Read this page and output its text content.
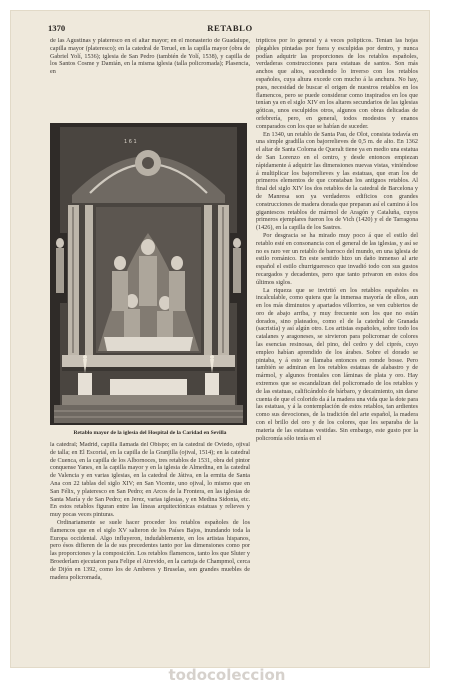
1370	RETABLO

de las Agustinas y plateresco en el altar mayor; en el monasterio de Guadalupe, capilla mayor (plateresco); en la catedral de Teruel, en la capilla mayor (obra de Gabriel Yolí, 1536); iglesia de San Pedro (también de Yolí, 1538), y capilla de los Santos Cosme y Damián, en la misma iglesia (talla policromada); Plasencia, en

la catedral; Madrid, capilla llamada del Obispo; en la catedral de Oviedo, ojival de talla; en El Escorial, en la capilla de la Granjilla (ojival, 1514); en la catedral de Cuenca, en la capilla de los Albornoces, tres retablos de 1531, obra del pintor conquense Yanes, en la capilla mayor y en la iglesia de Almedina, en la catedral de Valencia y en varias iglesias, en la catedral de Játiva, en la ermita de Santa Ana con 22 tablas del siglo XIV; en San Vicente, uno ojival, lo mismo que en San Félix, y plateresco en San Pedro; en Arcos de la Frontera, en las iglesias de Santa María y de San Pedro; en Jerez, varias iglesias, y en Medina Sidonia, etc. En estos retablos figuran entre las líneas arquitectónicas estatuas y relieves y muy pocas veces pinturas.

Ordinariamente se suele hacer proceder los retablos españoles de los flamencos que en el siglo XV salieron de los Países Bajos, inundando toda la Europa occidental. Algo influyeron, indudablemente, en los artistas hispanos, pero ésos difieren de la de sus precedentes tanto por las dimensiones como por las proporciones y la composición. Los retablos flamencos, tanto los que Sluter y Broederlam ejecutaron para Felipe el Atrevido, en la cartuja de Champmol, cerca de Dijón en 1392, como los de Amberes y Bruselas, son grandes muebles de madera policromada,

trípticos por lo general y á veces polípticos. Tenían las hojas plegables pintadas por fuera y esculpidas por dentro, y nunca podían adquirir las proporciones de los retablos españoles, verdaderas construcciones para estatuas de santos. Son más anchos que altos, sucediendo lo inverso con los retablos españoles, cuya altura excede con mucho á la anchura. No hay, pues, necesidad de buscar el origen de nuestros retablos en los flamencos, pero se puede considerar como inspirados en los que tenían ya en el siglo XIV en los altares secundarios de las iglesias góticas, unos esculpidos otros, algunos con obras delicadas de orfebrería, pero, en general, todos modestos y enanos comparados con los que se habían de suceder.

En 1340, un retablo de Santa Pau, de Olot, consista todavía en una simple gradilla con bajorrelieves de 0,5 m. de alto. En 1362 el altar de Santa Coloma de Queralt tiene ya en medio una estatua de San Lorenzo en el centro, y desde entonces empiezan rápidamente á adquirir las dimensiones nuevas vistas, viniéndose á multiplicar los bajorrelieves y las estatuas, que eran los de primeros elementos de que constaban los antiguos retablos. Al final del siglo XIV los dos retablos de la catedral de Barcelona y de Manresa son ya verdaderos edificios con grandes construcciones de madera dorada que preparan así el camino á los gigantescos retablos de mármol de Aragón y Cataluña, cuyos primeros ejemplares fueron los de Vich (1420) y el de Tarragona (1426), en la capilla de los Sastres.

Por desgracia se ha mirado muy poco á que el estilo del retablo esté en consonancia con el general de las iglesias, y así se no es raro ver un retablo de barroco del mundo, en una iglesia de estilo románico. En este sentido hizo un daño inmenso al arte español el estilo churrigueresco que invadió todo con sus gustos recargados y decadentes, pero que tanto privaron en estos dos últimos siglos.

La riqueza que se invirtió en los retablos españoles es incalculable, como quiera que la inmensa mayoría de ellos, aun en los más diminutos y apartados villorrios, se ven cubiertos de oro de abajo arriba, y muy frecuente son los que no están dorados, sino plateados, como el de la catedral de Granada (sacristía) y así algún otro. Los artistas españoles, sobre todo los catalanes y aragoneses, se sirvieron para policromar de colores las esencias resinosas, del pino, del cedro y del ciprés, cuyo empleo habían aprendido de los árabes. Sobre el dorado se pintaba, y á esto se llamaba entonces en romde bosse. Pero también se admiran en los retablos estatuas de alabastro y de mármol, y algunos frontales con láminas de plata y oro. Hay extremos que se escandalizan del policromado de los retablos y de las estatuas, calificándolo de bárbaro, y decaimiento, sin darse cuenta de que el colorido da á la madera una vida que la dote para las estatuas, y á la contemplación de estos retablos, tan ardientes como sus devociones, de la tradición del arte español, la madera con el brillo del oro y de los colores, que les separaba de la materia de las estatuas vestidas. Sin embargo, este gusto por la policromía sólo tenía en el

1 6 1
Retablo mayor de la iglesia del Hospital de la Caridad en Sevilla
todocoleccion
